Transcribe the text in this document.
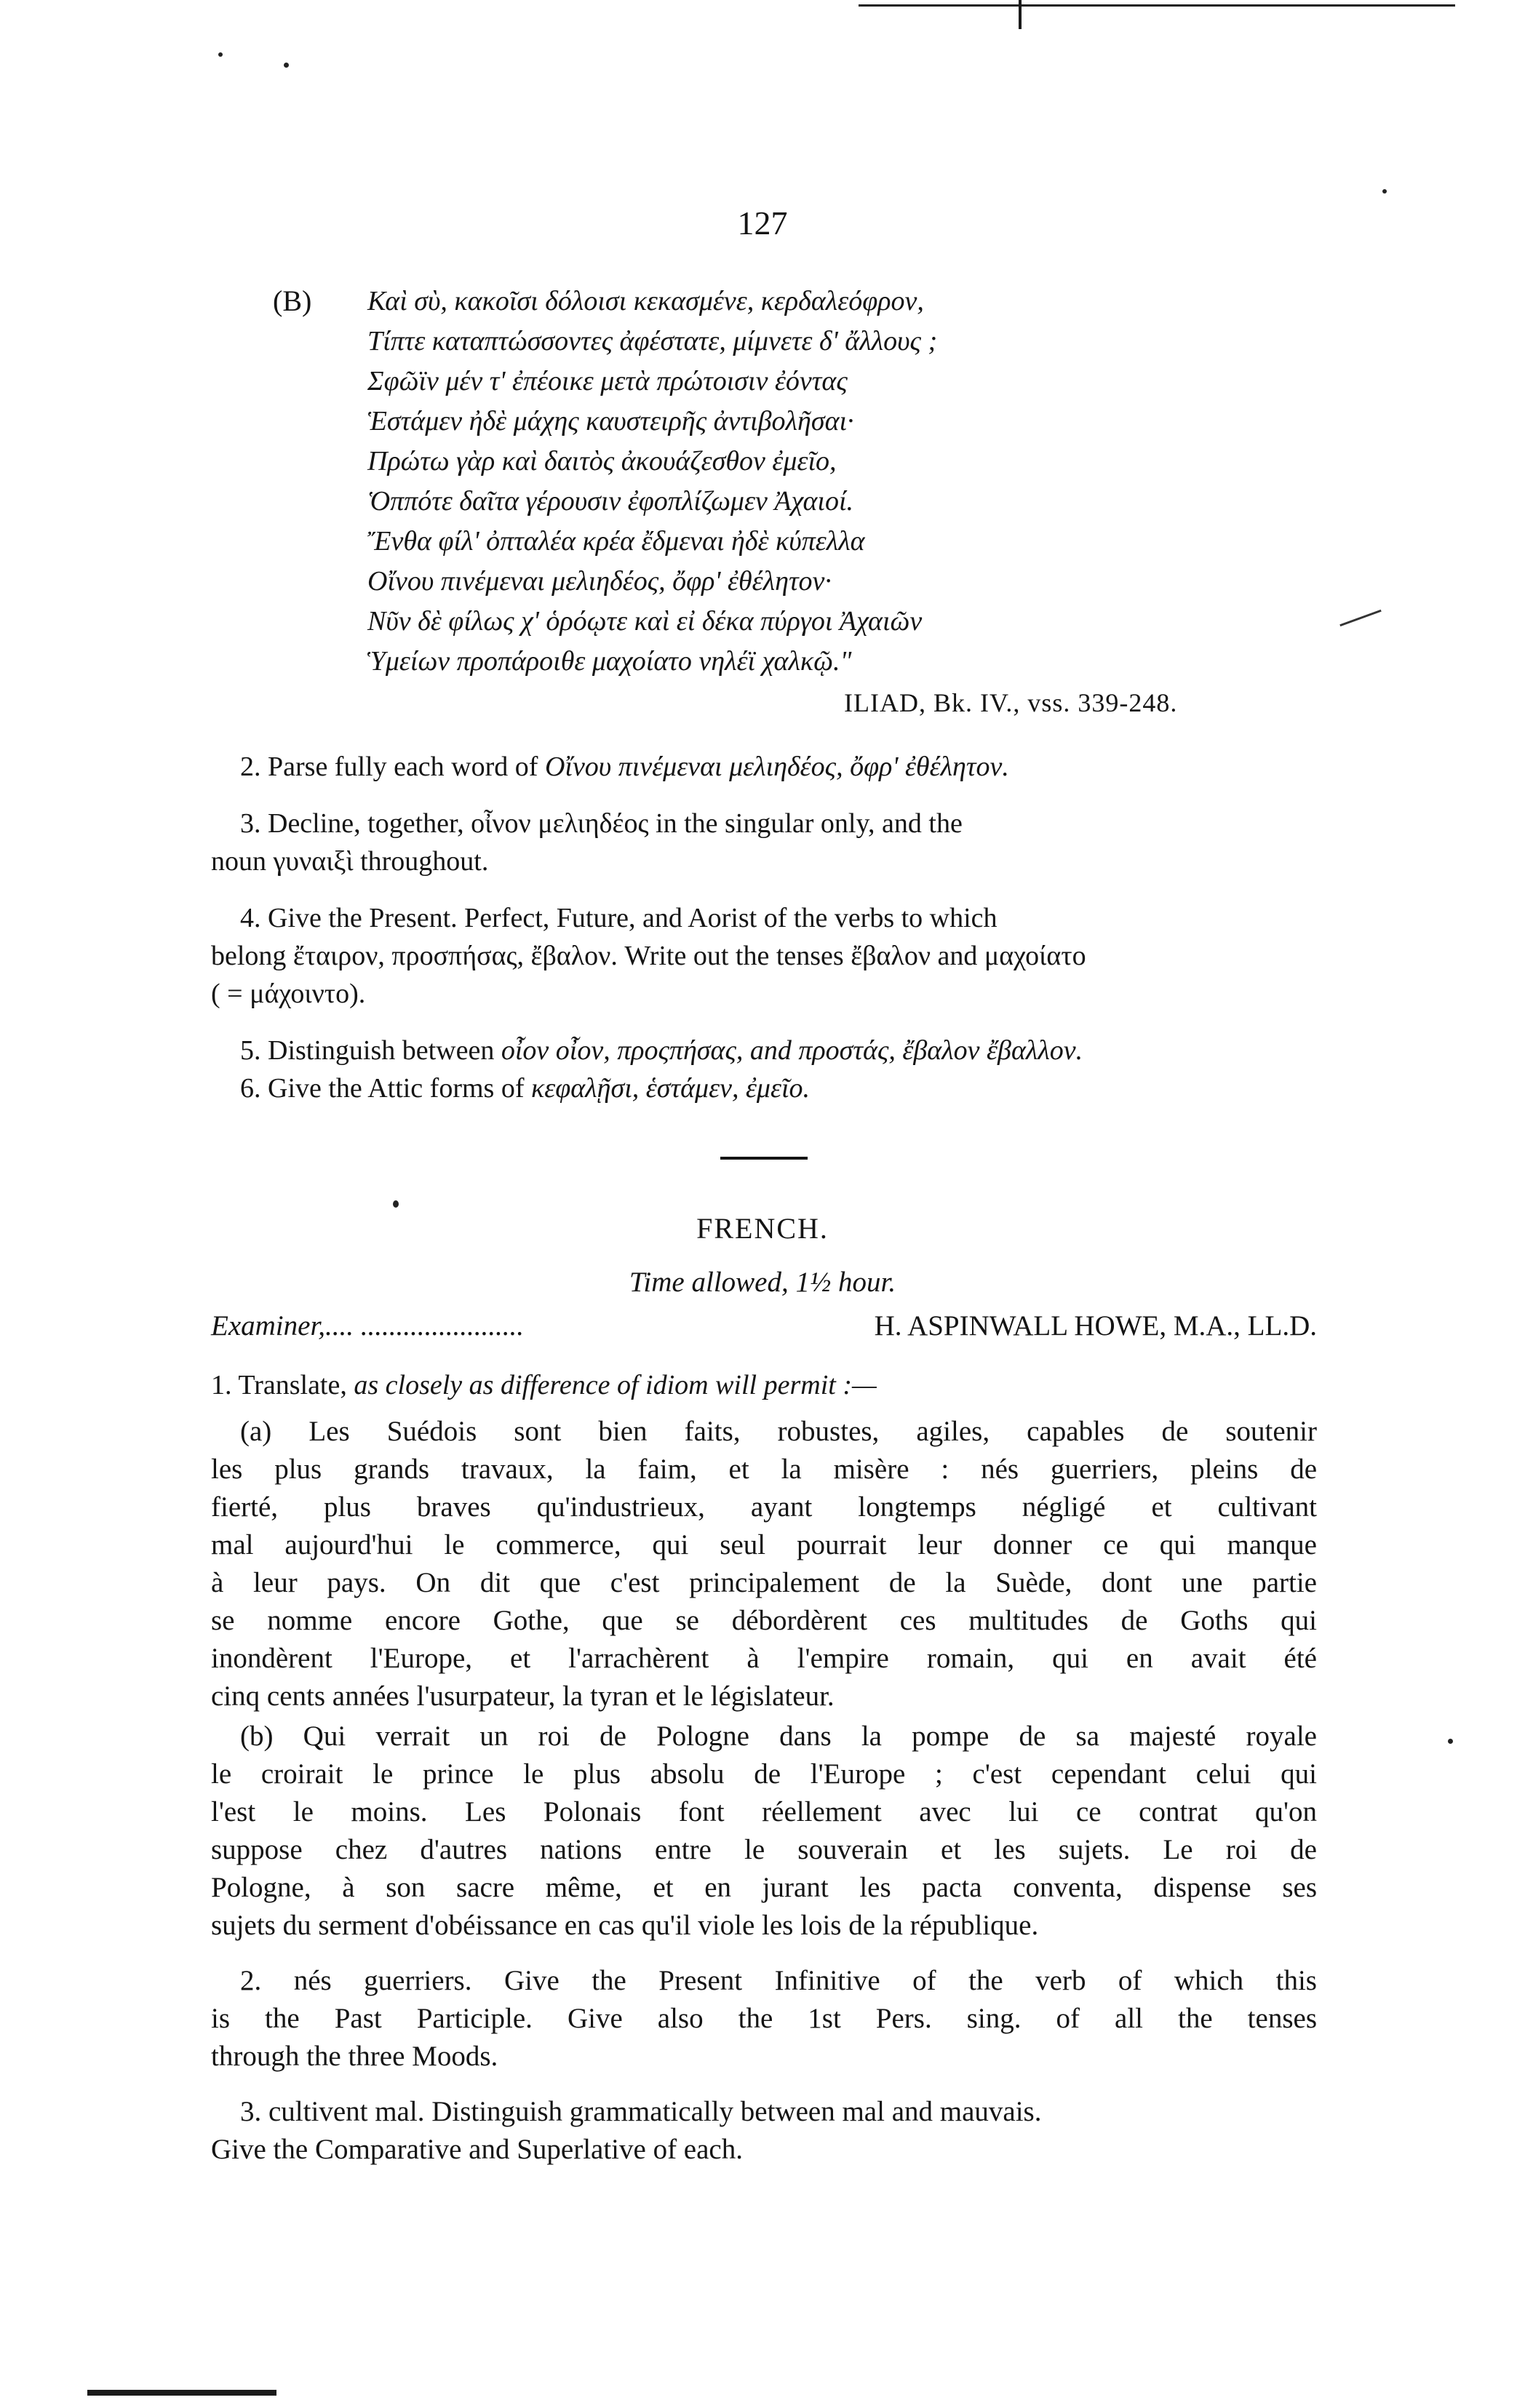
127
(B) Καὶ σὺ, κακοῖσι δόλοισι κεκασμένε, κερδαλεόφρον,
Τίπτε καταπτώσσοντες ἀφέστατε, μίμνετε δ' ἄλλους ;
Σφῶϊν μέν τ' ἐπέοικε μετὰ πρώτοισιν ἐόντας
Ἑστάμεν ἠδὲ μάχης καυστειρῆς ἀντιβολῆσαι·
Πρώτω γὰρ καὶ δαιτὸς ἀκουάζεσθον ἐμεῖο,
Ὁππότε δαῖτα γέρουσιν ἐφοπλίζωμεν Ἀχαιοί.
Ἔνθα φίλ' ὀπταλέα κρέα ἔδμεναι ἠδὲ κύπελλα
Οἴνου πινέμεναι μελιηδέος, ὄφρ' ἐθέλητον·
Νῦν δὲ φίλως χ' ὁρόῳτε καὶ εἰ δέκα πύργοι Ἀχαιῶν
Ὑμείων προπάροιθε μαχοίατο νηλέϊ χαλκῷ."
ILIAD, Bk. IV., vss. 339-248.
2. Parse fully each word of Οἴνου πινέμεναι μελιηδέος, ὄφρ' ἐθέλητον.
3. Decline, together, οἶνον μελιηδέος in the singular only, and the
noun γυναιξὶ throughout.
4. Give the Present. Perfect, Future, and Aorist of the verbs to which
belong ἔταιρον, προσπήσας, ἔβαλον. Write out the tenses ἔβαλον and μαχοίατο
( = μάχοιντο).
5. Distinguish between οἶον οἶον, προςπήσας, and προστάς, ἔβαλον ἔβαλλον.
6. Give the Attic forms of κεφαλῇσι, ἑστάμεν, ἐμεῖο.
FRENCH.
Time allowed, 1½ hour.
Examiner,.... .......................	H. ASPINWALL HOWE, M.A., LL.D.
1. Translate, as closely as difference of idiom will permit :—
(a) Les Suédois sont bien faits, robustes, agiles, capables de soutenir
les plus grands travaux, la faim, et la misère : nés guerriers, pleins de
fierté, plus braves qu'industrieux, ayant longtemps négligé et cultivant
mal aujourd'hui le commerce, qui seul pourrait leur donner ce qui manque
à leur pays. On dit que c'est principalement de la Suède, dont une partie
se nomme encore Gothe, que se débordèrent ces multitudes de Goths qui
inondèrent l'Europe, et l'arrachèrent à l'empire romain, qui en avait été
cinq cents années l'usurpateur, la tyran et le législateur.
(b) Qui verrait un roi de Pologne dans la pompe de sa majesté royale
le croirait le prince le plus absolu de l'Europe ; c'est cependant celui qui
l'est le moins. Les Polonais font réellement avec lui ce contrat qu'on
suppose chez d'autres nations entre le souverain et les sujets. Le roi de
Pologne, à son sacre même, et en jurant les pacta conventa, dispense ses
sujets du serment d'obéissance en cas qu'il viole les lois de la république.
2. nés guerriers. Give the Present Infinitive of the verb of which this
is the Past Participle. Give also the 1st Pers. sing. of all the tenses
through the three Moods.
3. cultivent mal. Distinguish grammatically between mal and mauvais.
Give the Comparative and Superlative of each.
